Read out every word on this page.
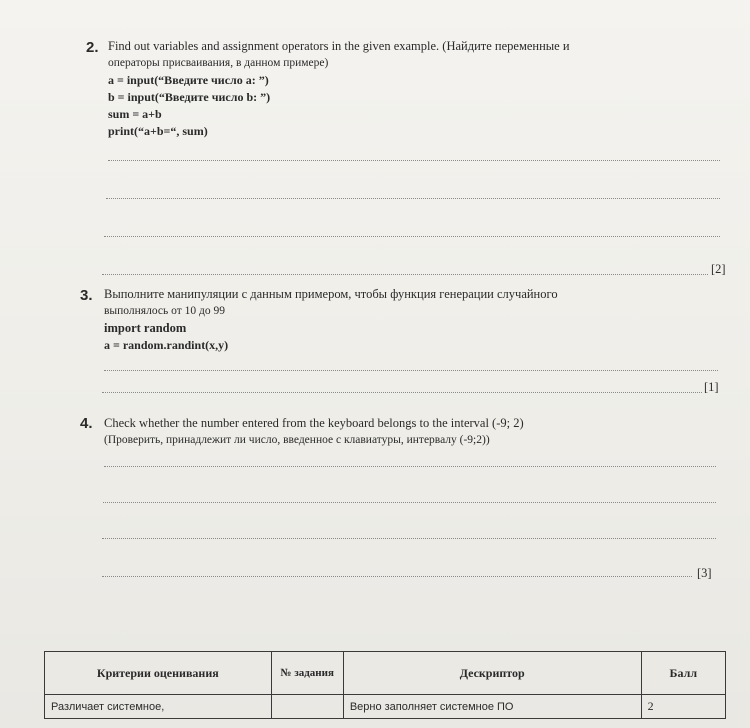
2. Find out variables and assignment operators in the given example. (Найдите переменные и
операторы присваивания, в данном примере)
a = input(“Введите число a: ”)
b = input(“Введите число b: ”)
sum = a+b
print(“a+b=“, sum)
[2]
3. Выполните манипуляции с данным примером, чтобы функция генерации случайного
выполнялось от 10 до 99
import random
a = random.randint(x,y)
[1]
4. Check whether the number entered from the keyboard belongs to the interval (-9; 2)
(Проверить, принадлежит ли число, введенное с клавиатуры, интервалу (-9;2))
[3]
Критерии оценивания	№ задания	Дескриптор	Балл
Различает системное,		Верно заполняет системное ПО	2
